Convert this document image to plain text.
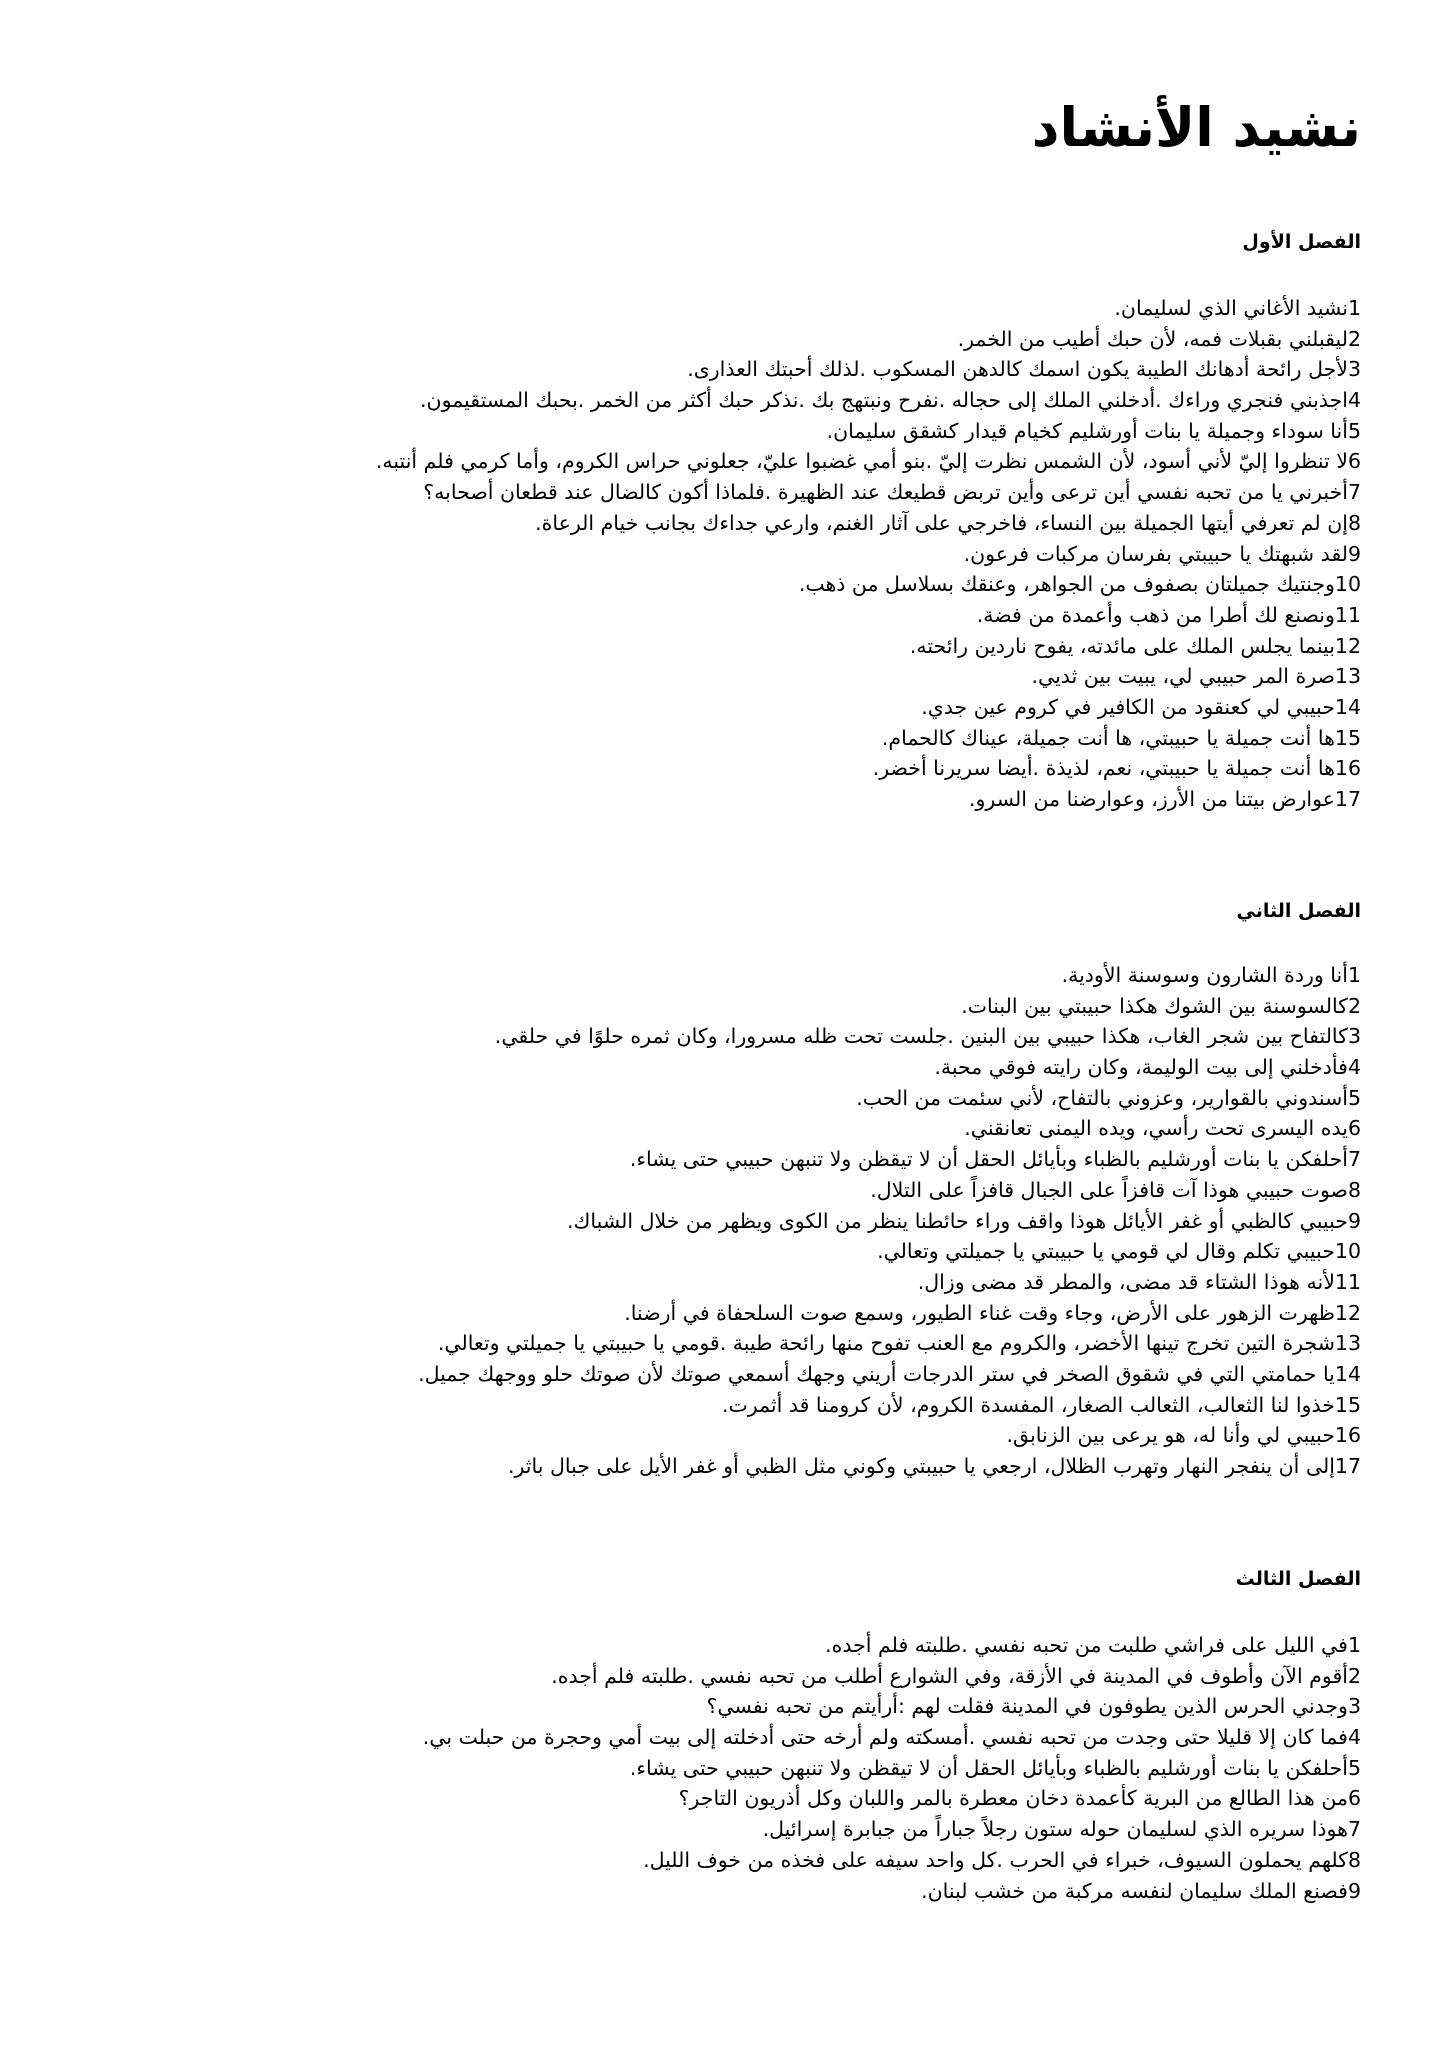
نشيد الأنشاد
الفصل الأول
1نشيد الأغاني الذي لسليمان.
2ليقبلني بقبلات فمه، لأن حبك أطيب من الخمر.
3لأجل رائحة أدهانك الطيبة يكون اسمك كالدهن المسكوب .لذلك أحبتك العذارى.
4اجذبني فنجري وراءك .أدخلني الملك إلى حجاله .نفرح ونبتهج بك .نذكر حبك أكثر من الخمر .بحبك المستقيمون.
5أنا سوداء وجميلة يا بنات أورشليم كخيام قيدار كشقق سليمان.
6لا تنظروا إليّ لأني أسود، لأن الشمس نظرت إليّ .بنو أمي غضبوا عليّ، جعلوني حراس الكروم، وأما كرمي فلم أنتبه.
7أخبرني يا من تحبه نفسي أين ترعى وأين تربض قطيعك عند الظهيرة .فلماذا أكون كالضال عند قطعان أصحابه؟
8إن لم تعرفي أيتها الجميلة بين النساء، فاخرجي على آثار الغنم، وارعي جداءك بجانب خيام الرعاة.
9لقد شبهتك يا حبيبتي بفرسان مركبات فرعون.
10وجنتيك جميلتان بصفوف من الجواهر، وعنقك بسلاسل من ذهب.
11ونصنع لك أطرا من ذهب وأعمدة من فضة.
12بينما يجلس الملك على مائدته، يفوح ناردين رائحته.
13صرة المر حبيبي لي، يبيت بين ثديي.
14حبيبي لي كعنقود من الكافير في كروم عين جدي.
15ها أنت جميلة يا حبيبتي، ها أنت جميلة، عيناك كالحمام.
16ها أنت جميلة يا حبيبتي، نعم، لذيذة .أيضا سريرنا أخضر.
17عوارض بيتنا من الأرز، وعوارضنا من السرو.
الفصل الثاني
1أنا وردة الشارون وسوسنة الأودية.
2كالسوسنة بين الشوك هكذا حبيبتي بين البنات.
3كالتفاح بين شجر الغاب، هكذا حبيبي بين البنين .جلست تحت ظله مسرورا، وكان ثمره حلوًا في حلقي.
4فأدخلني إلى بيت الوليمة، وكان رايته فوقي محبة.
5أسندوني بالقوارير، وعزوني بالتفاح، لأني سئمت من الحب.
6يده اليسرى تحت رأسي، ويده اليمنى تعانقني.
7أحلفكن يا بنات أورشليم بالظباء وبأيائل الحقل أن لا تيقظن ولا تنبهن حبيبي حتى يشاء.
8صوت حبيبي هوذا آت قافزاً على الجبال قافزاً على التلال.
9حبيبي كالظبي أو غفر الأيائل هوذا واقف وراء حائطنا ينظر من الكوى ويظهر من خلال الشباك.
10حبيبي تكلم وقال لي قومي يا حبيبتي يا جميلتي وتعالي.
11لأنه هوذا الشتاء قد مضى، والمطر قد مضى وزال.
12ظهرت الزهور على الأرض، وجاء وقت غناء الطيور، وسمع صوت السلحفاة في أرضنا.
13شجرة التين تخرج تينها الأخضر، والكروم مع العنب تفوح منها رائحة طيبة .قومي يا حبيبتي يا جميلتي وتعالي.
14يا حمامتي التي في شقوق الصخر في ستر الدرجات أريني وجهك أسمعي صوتك لأن صوتك حلو ووجهك جميل.
15خذوا لنا الثعالب، الثعالب الصغار، المفسدة الكروم، لأن كرومنا قد أثمرت.
16حبيبي لي وأنا له، هو يرعى بين الزنابق.
17إلى أن ينفجر النهار وتهرب الظلال، ارجعي يا حبيبتي وكوني مثل الظبي أو غفر الأيل على جبال باثر.
الفصل الثالث
1في الليل على فراشي طلبت من تحبه نفسي .طلبته فلم أجده.
2أقوم الآن وأطوف في المدينة في الأزقة، وفي الشوارع أطلب من تحبه نفسي .طلبته فلم أجده.
3وجدني الحرس الذين يطوفون في المدينة فقلت لهم :أرأيتم من تحبه نفسي؟
4فما كان إلا قليلا حتى وجدت من تحبه نفسي .أمسكته ولم أرخه حتى أدخلته إلى بيت أمي وحجرة من حبلت بي.
5أحلفكن يا بنات أورشليم بالظباء وبأيائل الحقل أن لا تيقظن ولا تنبهن حبيبي حتى يشاء.
6من هذا الطالع من البرية كأعمدة دخان معطرة بالمر واللبان وكل أذريون التاجر؟
7هوذا سريره الذي لسليمان حوله ستون رجلاً جباراً من جبابرة إسرائيل.
8كلهم يحملون السيوف، خبراء في الحرب .كل واحد سيفه على فخذه من خوف الليل.
9فصنع الملك سليمان لنفسه مركبة من خشب لبنان.
